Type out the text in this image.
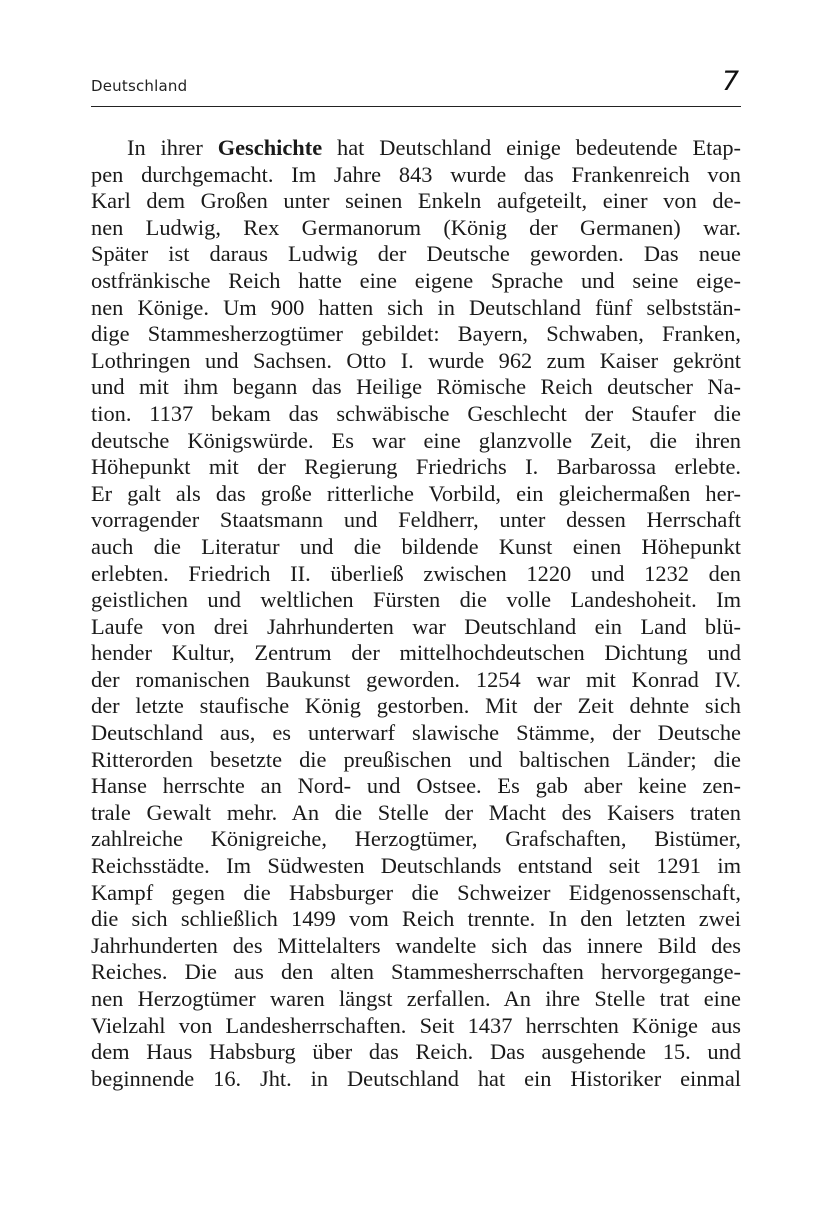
Deutschland	7
In ihrer Geschichte hat Deutschland einige bedeutende Etap-
pen durchgemacht. Im Jahre 843 wurde das Frankenreich von
Karl dem Großen unter seinen Enkeln aufgeteilt, einer von de-
nen Ludwig, Rex Germanorum (König der Germanen) war.
Später ist daraus Ludwig der Deutsche geworden. Das neue
ostfränkische Reich hatte eine eigene Sprache und seine eige-
nen Könige. Um 900 hatten sich in Deutschland fünf selbststän-
dige Stammesherzogtümer gebildet: Bayern, Schwaben, Franken,
Lothringen und Sachsen. Otto I. wurde 962 zum Kaiser gekrönt
und mit ihm begann das Heilige Römische Reich deutscher Na-
tion. 1137 bekam das schwäbische Geschlecht der Staufer die
deutsche Königswürde. Es war eine glanzvolle Zeit, die ihren
Höhepunkt mit der Regierung Friedrichs I. Barbarossa erlebte.
Er galt als das große ritterliche Vorbild, ein gleichermaßen her-
vorragender Staatsmann und Feldherr, unter dessen Herrschaft
auch die Literatur und die bildende Kunst einen Höhepunkt
erlebten. Friedrich II. überließ zwischen 1220 und 1232 den
geistlichen und weltlichen Fürsten die volle Landeshoheit. Im
Laufe von drei Jahrhunderten war Deutschland ein Land blü-
hender Kultur, Zentrum der mittelhochdeutschen Dichtung und
der romanischen Baukunst geworden. 1254 war mit Konrad IV.
der letzte staufische König gestorben. Mit der Zeit dehnte sich
Deutschland aus, es unterwarf slawische Stämme, der Deutsche
Ritterorden besetzte die preußischen und baltischen Länder; die
Hanse herrschte an Nord- und Ostsee. Es gab aber keine zen-
trale Gewalt mehr. An die Stelle der Macht des Kaisers traten
zahlreiche Königreiche, Herzogtümer, Grafschaften, Bistümer,
Reichsstädte. Im Südwesten Deutschlands entstand seit 1291 im
Kampf gegen die Habsburger die Schweizer Eidgenossenschaft,
die sich schließlich 1499 vom Reich trennte. In den letzten zwei
Jahrhunderten des Mittelalters wandelte sich das innere Bild des
Reiches. Die aus den alten Stammesherrschaften hervorgegange-
nen Herzogtümer waren längst zerfallen. An ihre Stelle trat eine
Vielzahl von Landesherrschaften. Seit 1437 herrschten Könige aus
dem Haus Habsburg über das Reich. Das ausgehende 15. und
beginnende 16. Jht. in Deutschland hat ein Historiker einmal
